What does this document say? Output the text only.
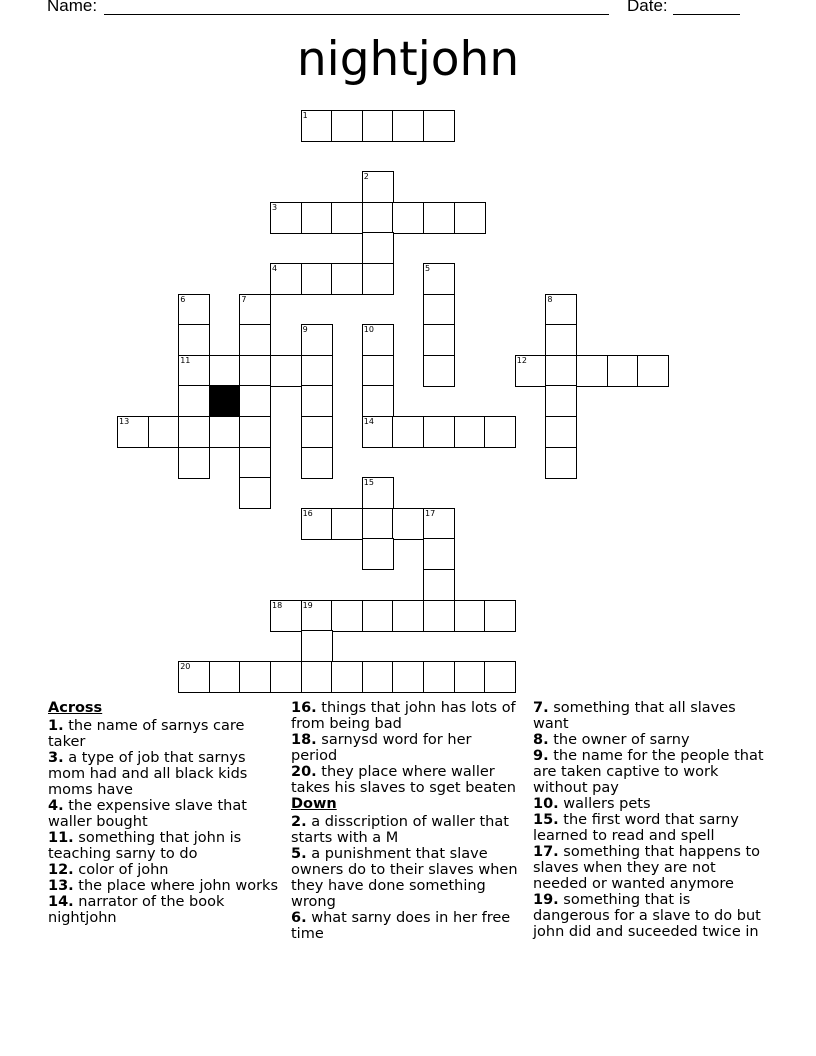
Name:	Date:
nightjohn
1
2
3
4	5
6	7	8
9	10
11	12
13	14
15
16	17
18	19
20
Across
1. the name of sarnys care taker
3. a type of job that sarnys mom had and all black kids moms have
4. the expensive slave that waller bought
11. something that john is teaching sarny to do
12. color of john
13. the place where john works
14. narrator of the book nightjohn
16. things that john has lots of from being bad
18. sarnysd word for her period
20. they place where waller takes his slaves to sget beaten
Down
2. a disscription of waller that starts with a M
5. a punishment that slave owners do to their slaves when they have done something wrong
6. what sarny does in her free time
7. something that all slaves want
8. the owner of sarny
9. the name for the people that are taken captive to work without pay
10. wallers pets
15. the first word that sarny learned to read and spell
17. something that happens to slaves when they are not needed or wanted anymore
19. something that is dangerous for a slave to do but john did and suceeded twice in
